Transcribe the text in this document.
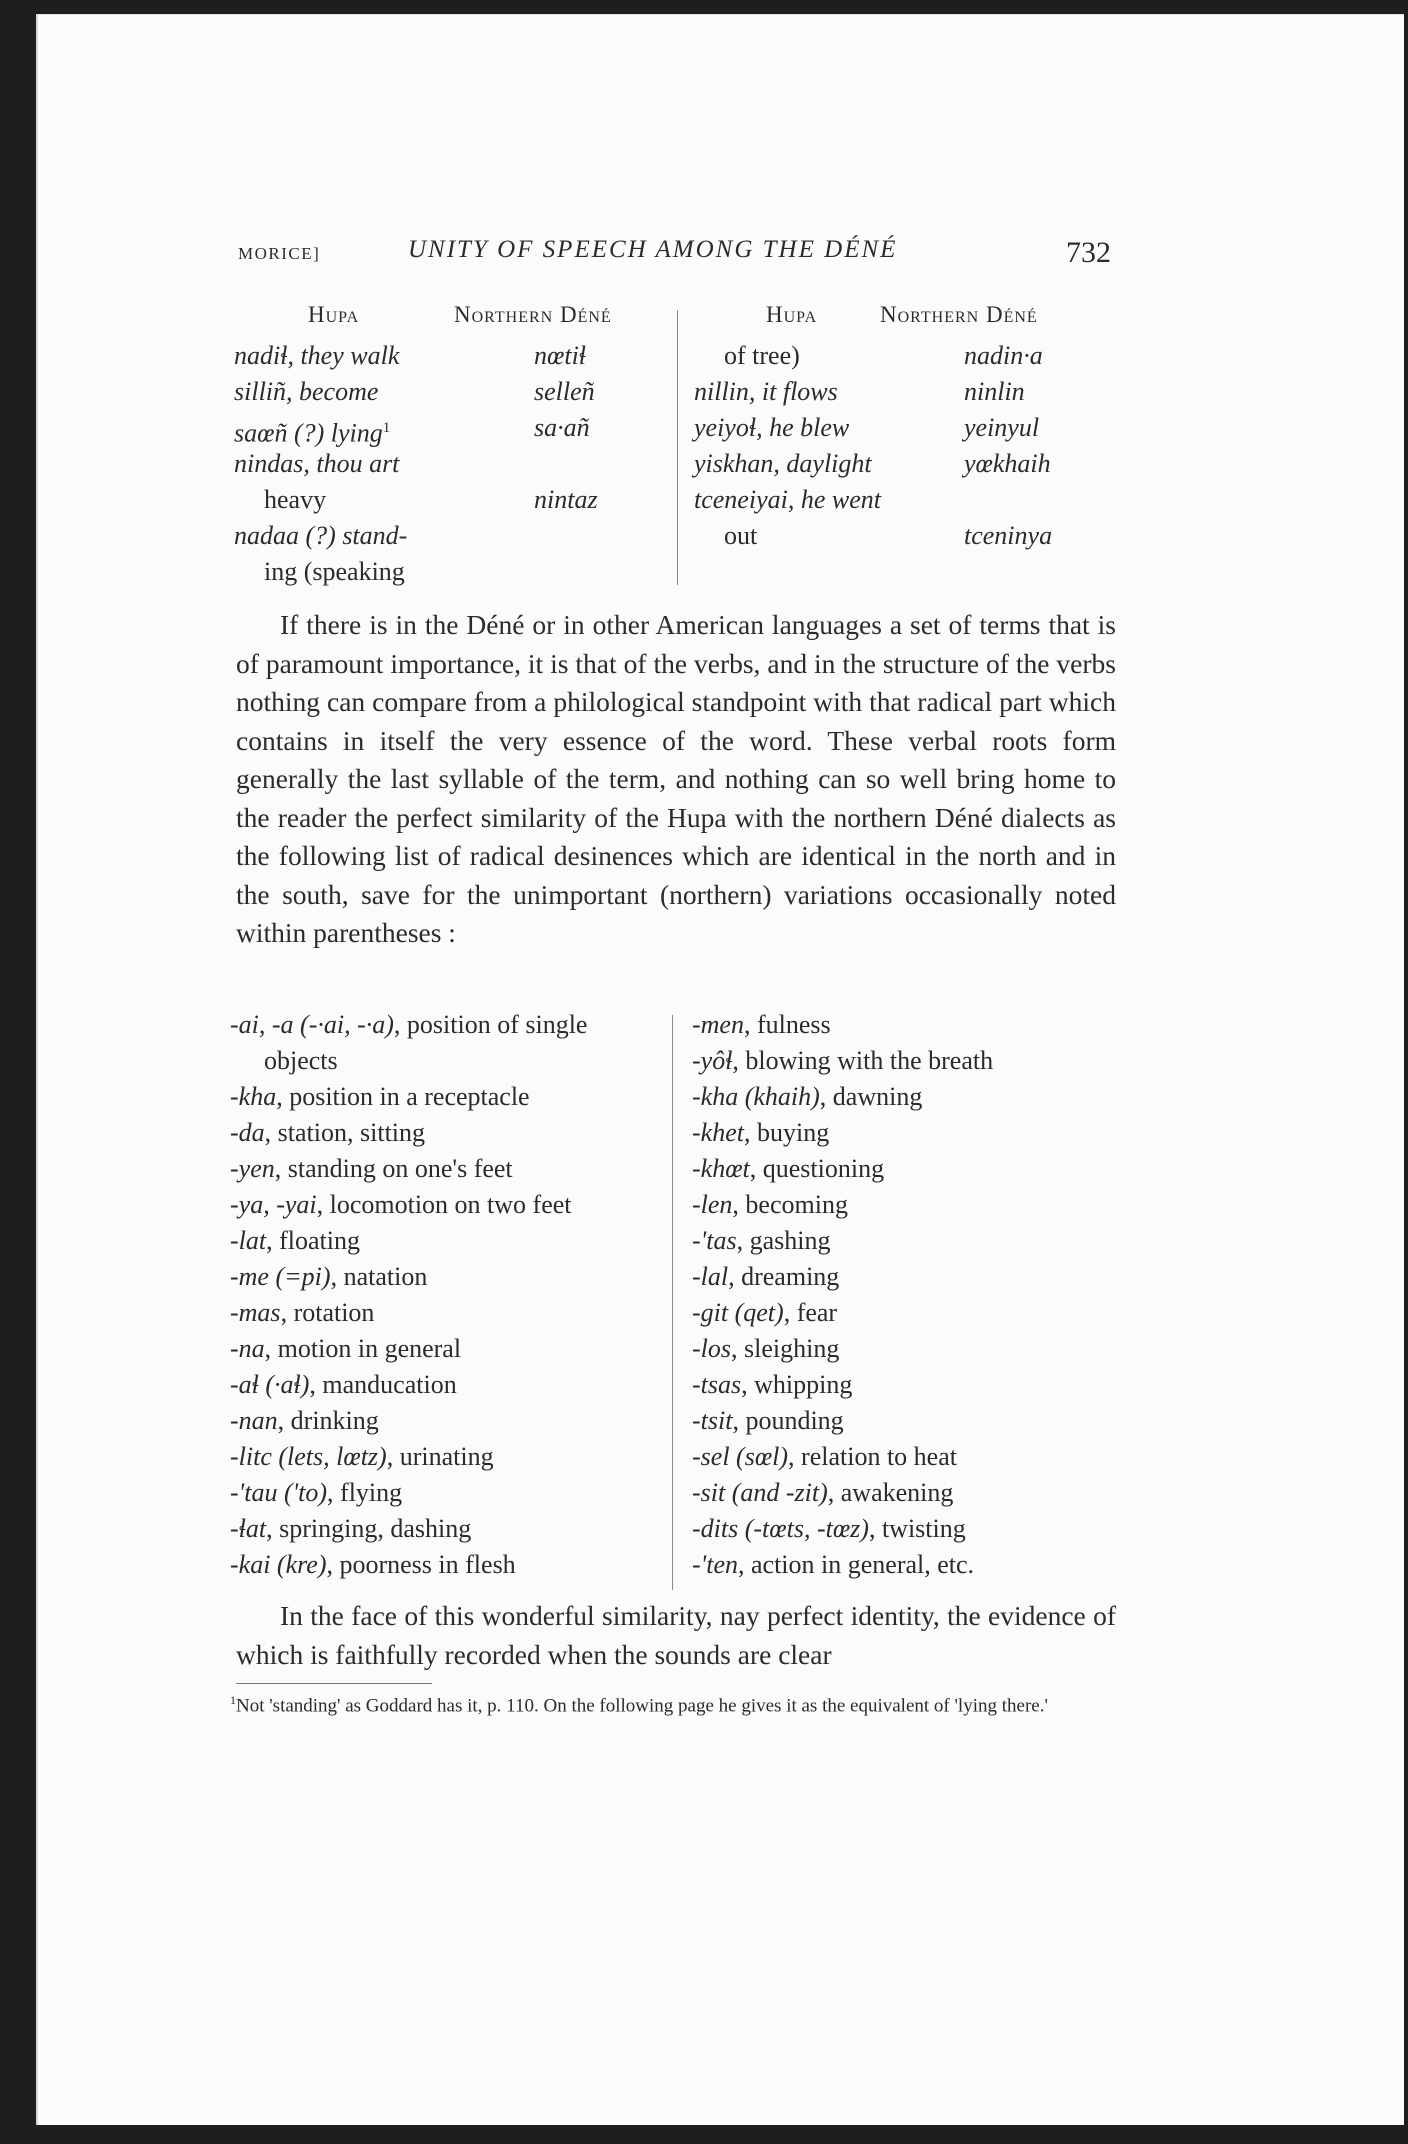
MORICE]	UNITY OF SPEECH AMONG THE DÉNÉ	732
Hupa	Northern Déné
nadiɬ, they walk	nœtiɬ
silliñ, become	selleñ
saœñ (?) lying$^1$	sa·añ
nindas, thou art
heavy	nintaz
nadaa (?) stand-
ing (speaking
Hupa	Northern Déné
of tree)	nadin·a
nillin, it flows	ninlin
yeiyoɬ, he blew	yeinyul
yiskhan, daylight	yœkhaih
tceneiyai, he went
out	tceninya
If there is in the Déné or in other American languages a set of terms that is of paramount importance, it is that of the verbs, and in the structure of the verbs nothing can compare from a philological standpoint with that radical part which contains in itself the very essence of the word. These verbal roots form generally the last syllable of the term, and nothing can so well bring home to the reader the perfect similarity of the Hupa with the northern Déné dialects as the following list of radical desinences which are identical in the north and in the south, save for the unimportant (northern) variations occasionally noted within parentheses :
-ai, -a (-·ai, -·a), position of single
objects
-kha, position in a receptacle
-da, station, sitting
-yen, standing on one's feet
-ya, -yai, locomotion on two feet
-lat, floating
-me (=pi), natation
-mas, rotation
-na, motion in general
-aɬ (·aɬ), manducation
-nan, drinking
-litc (lets, lœtz), urinating
-'tau ('to), flying
-ɬat, springing, dashing
-kai (kre), poorness in flesh
-men, fulness
-yôɬ, blowing with the breath
-kha (khaih), dawning
-khet, buying
-khœt, questioning
-len, becoming
-'tas, gashing
-lal, dreaming
-git (qet), fear
-los, sleighing
-tsas, whipping
-tsit, pounding
-sel (sœl), relation to heat
-sit (and -zit), awakening
-dits (-tœts, -tœz), twisting
-'ten, action in general, etc.
In the face of this wonderful similarity, nay perfect identity, the evidence of which is faithfully recorded when the sounds are clear
$^1$Not 'standing' as Goddard has it, p. 110. On the following page he gives it as the equivalent of 'lying there.'
